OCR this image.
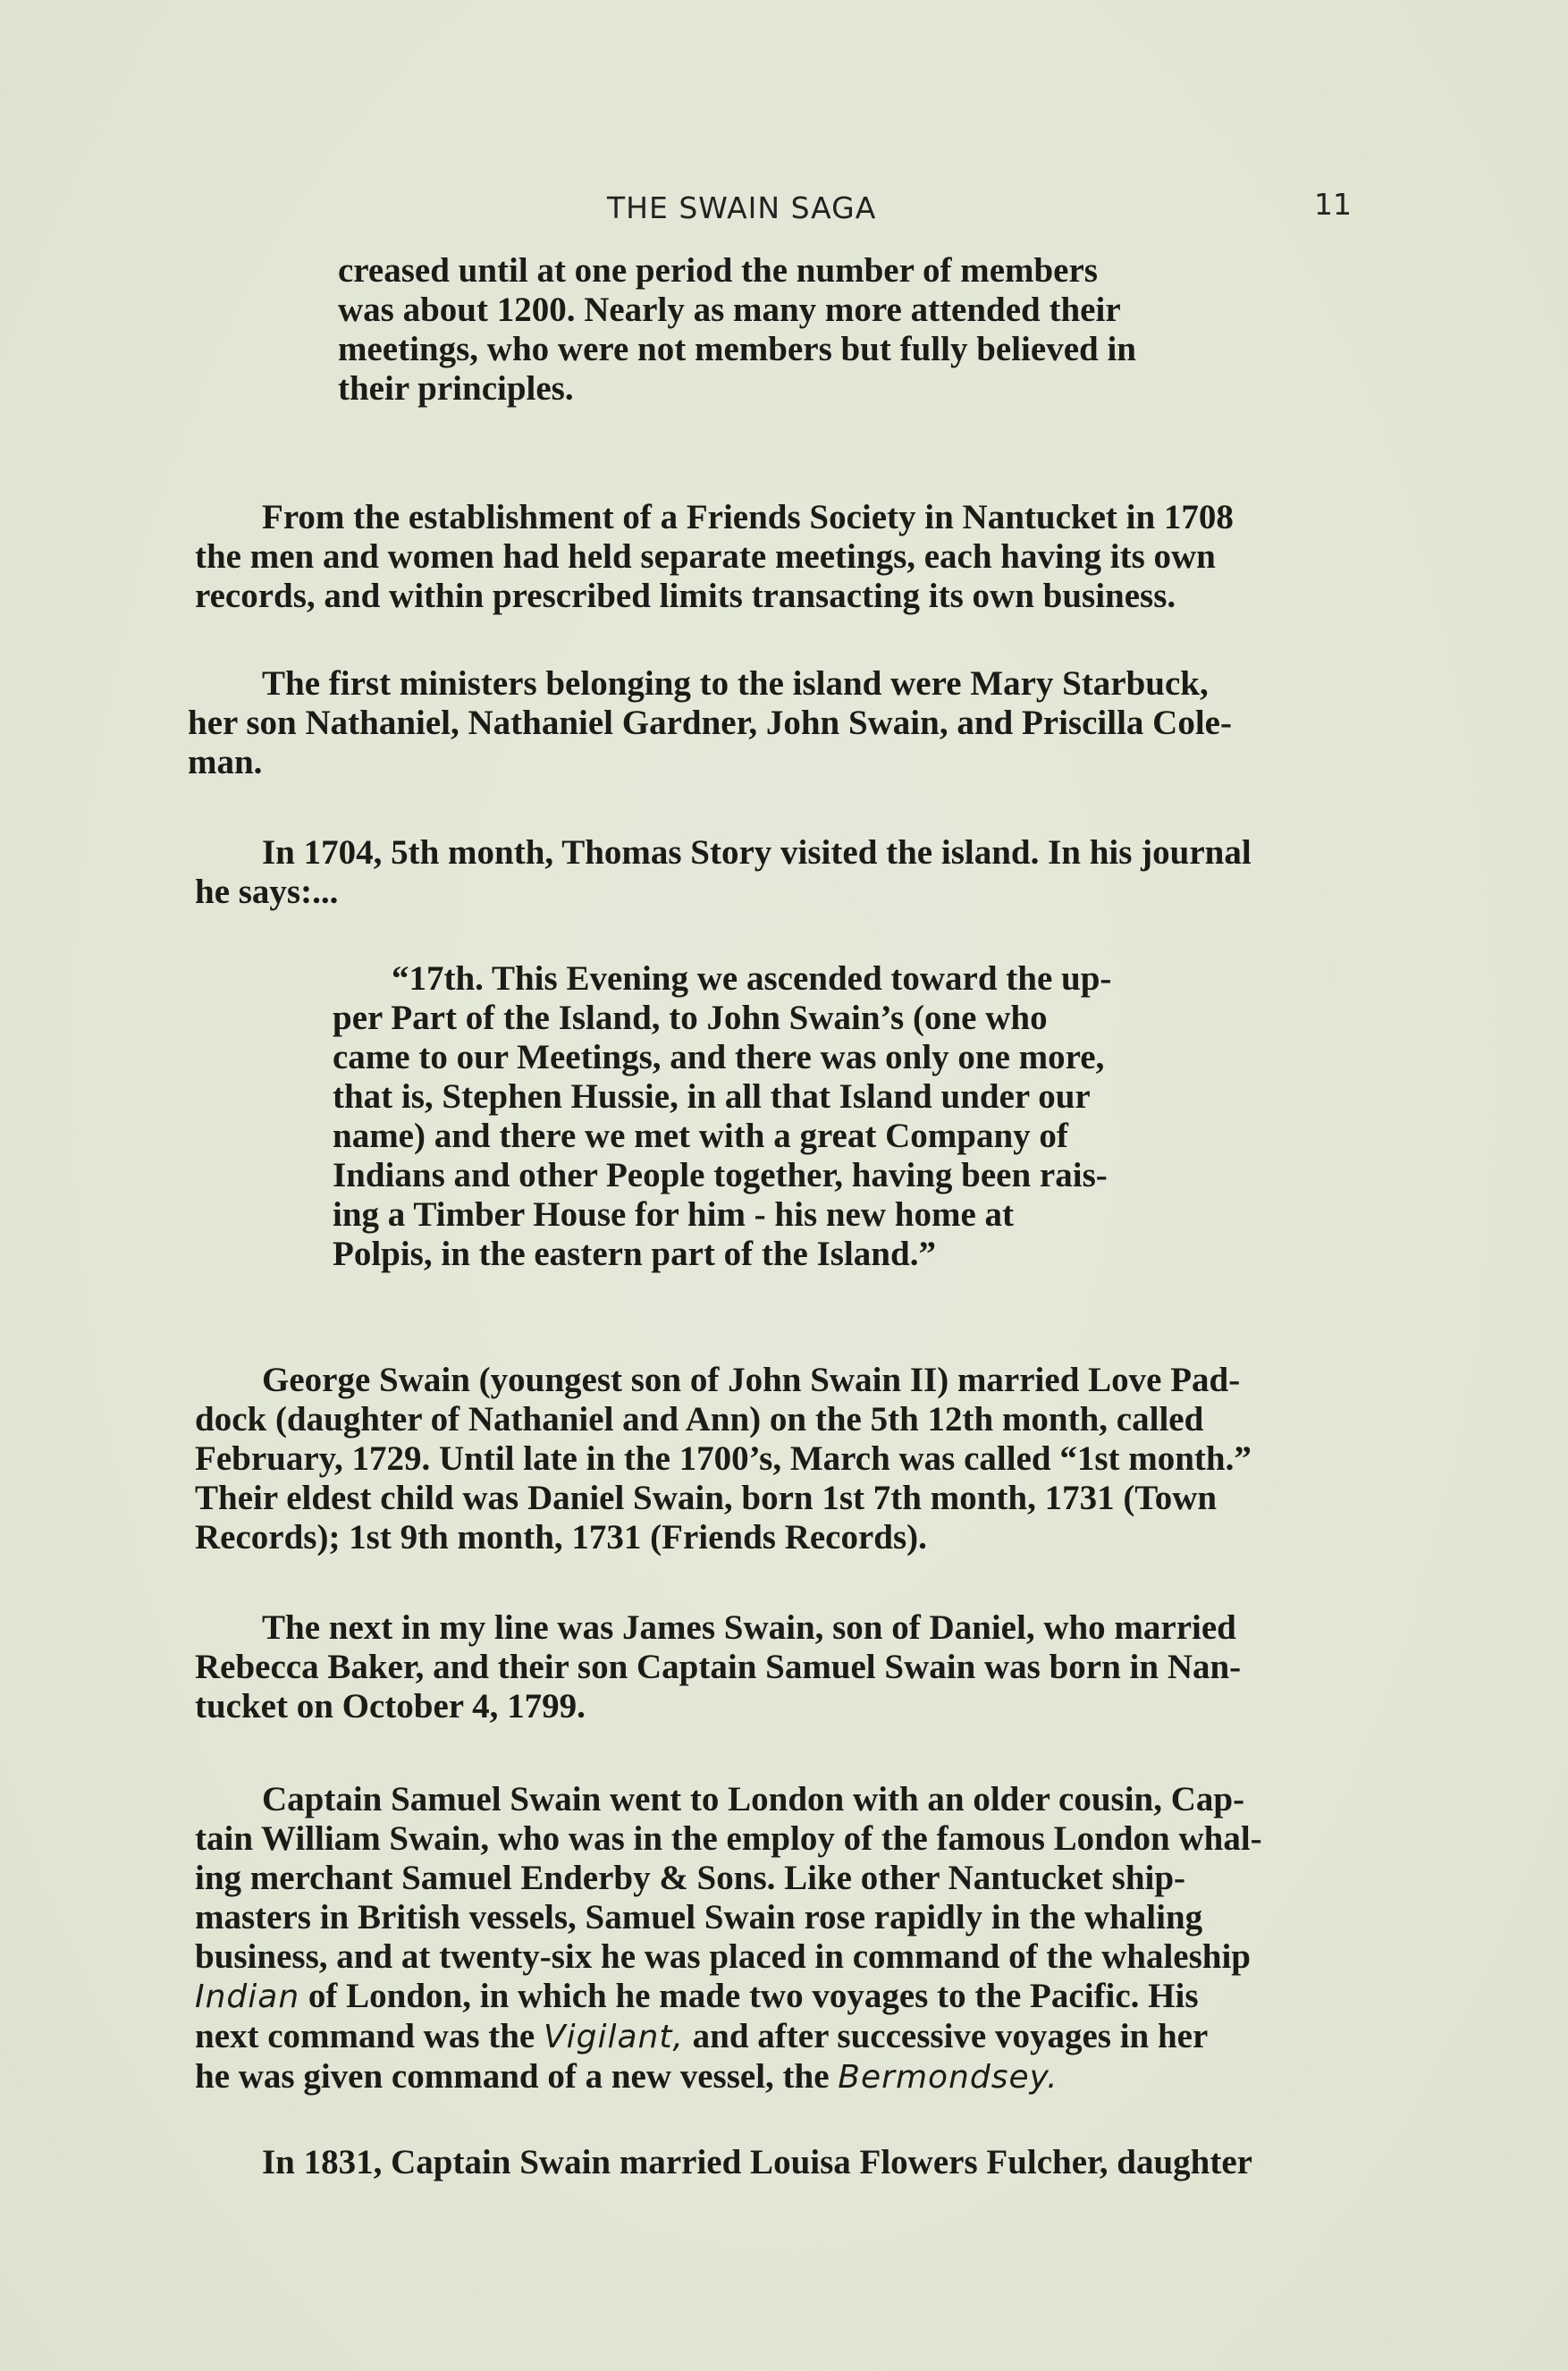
THE SWAIN SAGA	11
creased until at one period the number of members
was about 1200. Nearly as many more attended their
meetings, who were not members but fully believed in
their principles.
From the establishment of a Friends Society in Nantucket in 1708
the men and women had held separate meetings, each having its own
records, and within prescribed limits transacting its own business.
The first ministers belonging to the island were Mary Starbuck,
her son Nathaniel, Nathaniel Gardner, John Swain, and Priscilla Cole-
man.
In 1704, 5th month, Thomas Story visited the island. In his journal
he says:...
“17th. This Evening we ascended toward the up-
per Part of the Island, to John Swain’s (one who
came to our Meetings, and there was only one more,
that is, Stephen Hussie, in all that Island under our
name) and there we met with a great Company of
Indians and other People together, having been rais-
ing a Timber House for him - his new home at
Polpis, in the eastern part of the Island.”
George Swain (youngest son of John Swain II) married Love Pad-
dock (daughter of Nathaniel and Ann) on the 5th 12th month, called
February, 1729. Until late in the 1700’s, March was called “1st month.”
Their eldest child was Daniel Swain, born 1st 7th month, 1731 (Town
Records); 1st 9th month, 1731 (Friends Records).
The next in my line was James Swain, son of Daniel, who married
Rebecca Baker, and their son Captain Samuel Swain was born in Nan-
tucket on October 4, 1799.
Captain Samuel Swain went to London with an older cousin, Cap-
tain William Swain, who was in the employ of the famous London whal-
ing merchant Samuel Enderby & Sons. Like other Nantucket ship-
masters in British vessels, Samuel Swain rose rapidly in the whaling
business, and at twenty-six he was placed in command of the whaleship
Indian of London, in which he made two voyages to the Pacific. His
next command was the Vigilant, and after successive voyages in her
he was given command of a new vessel, the Bermondsey.
In 1831, Captain Swain married Louisa Flowers Fulcher, daughter
